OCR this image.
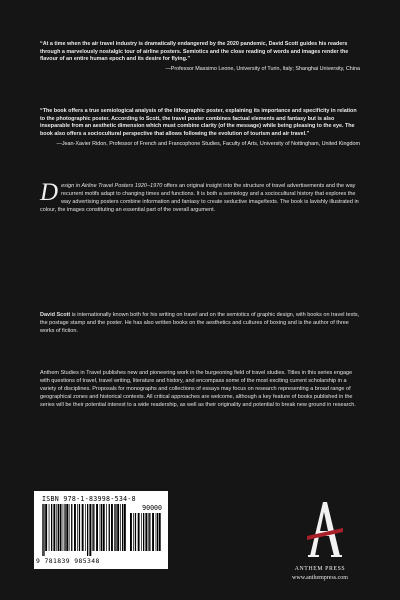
“At a time when the air travel industry is dramatically endangered by the 2020 pandemic, David Scott guides his readers through a marvelously nostalgic tour of airline posters. Semiotics and the close reading of words and images render the flavour of an entire human epoch and its desire for flying.”

—Professor Massimo Leone, University of Turin, Italy; Shanghai University, China

“The book offers a true semiological analysis of the lithographic poster, explaining its importance and specificity in relation to the photographic poster. According to Scott, the travel poster combines factual elements and fantasy but is also inseparable from an aesthetic dimension which must combine clarity (of the message) while being pleasing to the eye. The book also offers a sociocultural perspective that allows following the evolution of tourism and air travel.”

—Jean-Xavier Ridon, Professor of French and Francophone Studies, Faculty of Arts, University of Nottingham, United Kingdom

Design in Airline Travel Posters 1920–1970 offers an original insight into the structure of travel advertisements and the way recurrent motifs adapt to changing times and functions. It is both a semiology and a sociocultural history that explores the way advertising posters combine information and fantasy to create seductive image/texts. The book is lavishly illustrated in colour, the images constituting an essential part of the overall argument.

David Scott is internationally known both for his writing on travel and on the semiotics of graphic design, with books on travel texts, the postage stamp and the poster. He has also written books on the aesthetics and cultures of boxing and is the author of three works of fiction.

Anthem Studies in Travel publishes new and pioneering work in the burgeoning field of travel studies. Titles in this series engage with questions of travel, travel writing, literature and history, and encompass some of the most exciting current scholarship in a variety of disciplines. Proposals for monographs and collections of essays may focus on research representing a broad range of geographical zones and historical contexts. All critical approaches are welcome, although a key feature of books published in the series will be their potential interest to a wide readership, as well as their originality and potential to break new ground in research.

ISBN 978-1-83998-534-8
90000
9 781839 985348
ANTHEM PRESS
www.anthempress.com
